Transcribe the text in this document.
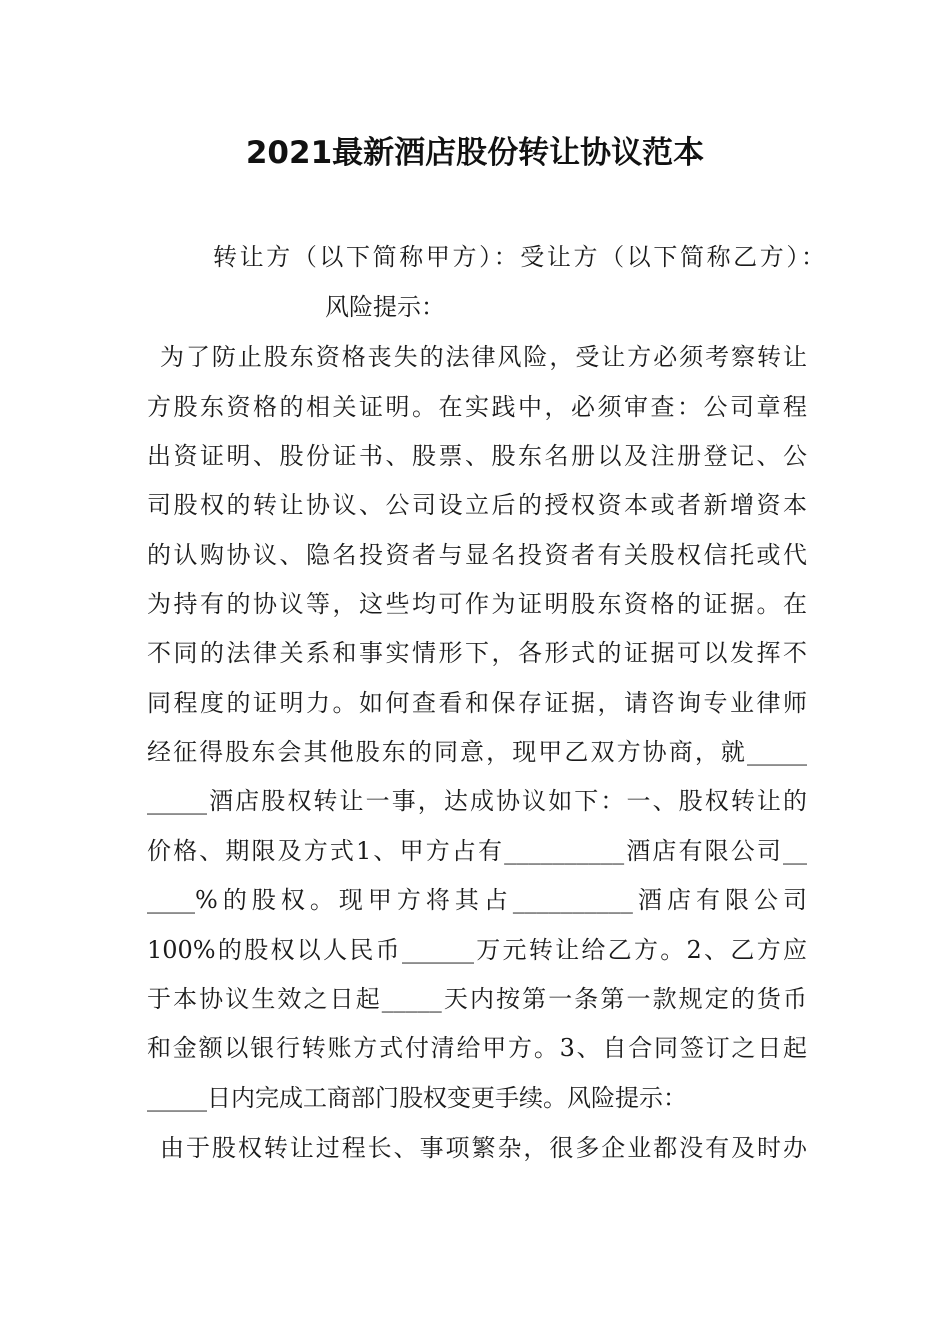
2021最新酒店股份转让协议范本
转让方（以下简称甲方）：受让方（以下简称乙方）：
风险提示：
为了防止股东资格丧失的法律风险，受让方必须考察转让
方股东资格的相关证明。在实践中，必须审查：公司章程
出资证明、股份证书、股票、股东名册以及注册登记、公
司股权的转让协议、公司设立后的授权资本或者新增资本
的认购协议、隐名投资者与显名投资者有关股权信托或代
为持有的协议等，这些均可作为证明股东资格的证据。在
不同的法律关系和事实情形下，各形式的证据可以发挥不
同程度的证明力。如何查看和保存证据，请咨询专业律师
经征得股东会其他股东的同意，现甲乙双方协商，就_____
_____酒店股权转让一事，达成协议如下：一、股权转让的
价格、期限及方式1、甲方占有__________酒店有限公司__
____%的股权。现甲方将其占__________酒店有限公司
100%的股权以人民币______万元转让给乙方。2、乙方应
于本协议生效之日起_____天内按第一条第一款规定的货币
和金额以银行转账方式付清给甲方。3、自合同签订之日起
_____日内完成工商部门股权变更手续。风险提示：
由于股权转让过程长、事项繁杂，很多企业都没有及时办
